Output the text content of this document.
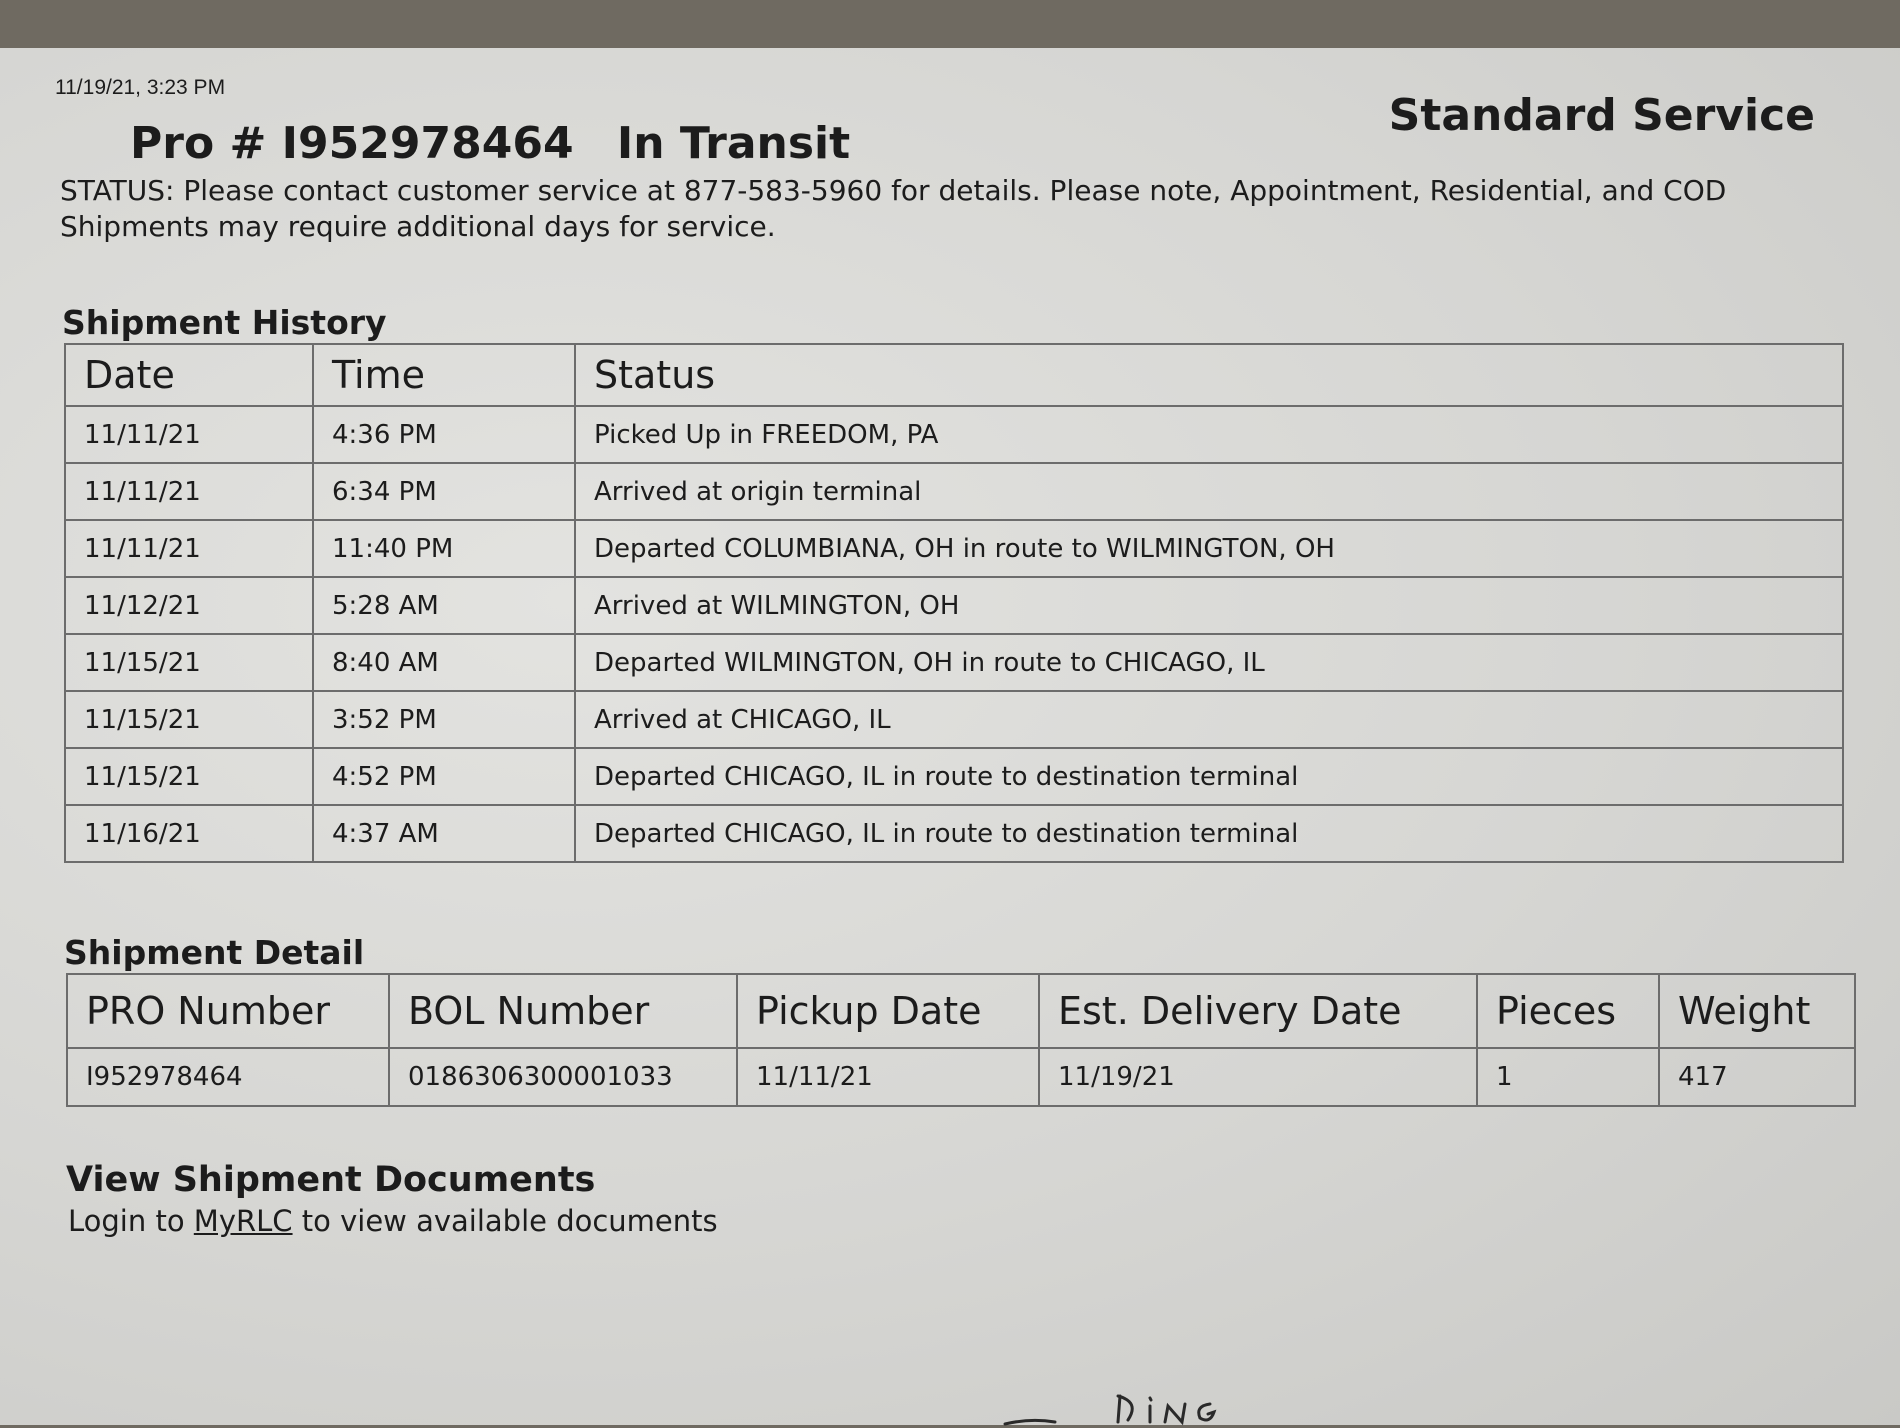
11/19/21, 3:23 PM
Standard Service
Pro # I952978464 In Transit
STATUS: Please contact customer service at 877-583-5960 for details. Please note, Appointment, Residential, and COD Shipments may require additional days for service.
Shipment History
Date	Time	Status
11/11/21	4:36 PM	Picked Up in FREEDOM, PA
11/11/21	6:34 PM	Arrived at origin terminal
11/11/21	11:40 PM	Departed COLUMBIANA, OH in route to WILMINGTON, OH
11/12/21	5:28 AM	Arrived at WILMINGTON, OH
11/15/21	8:40 AM	Departed WILMINGTON, OH in route to CHICAGO, IL
11/15/21	3:52 PM	Arrived at CHICAGO, IL
11/15/21	4:52 PM	Departed CHICAGO, IL in route to destination terminal
11/16/21	4:37 AM	Departed CHICAGO, IL in route to destination terminal
Shipment Detail
PRO Number	BOL Number	Pickup Date	Est. Delivery Date	Pieces	Weight
I952978464	0186306300001033	11/11/21	11/19/21	1	417
View Shipment Documents
Login to MyRLC to view available documents
